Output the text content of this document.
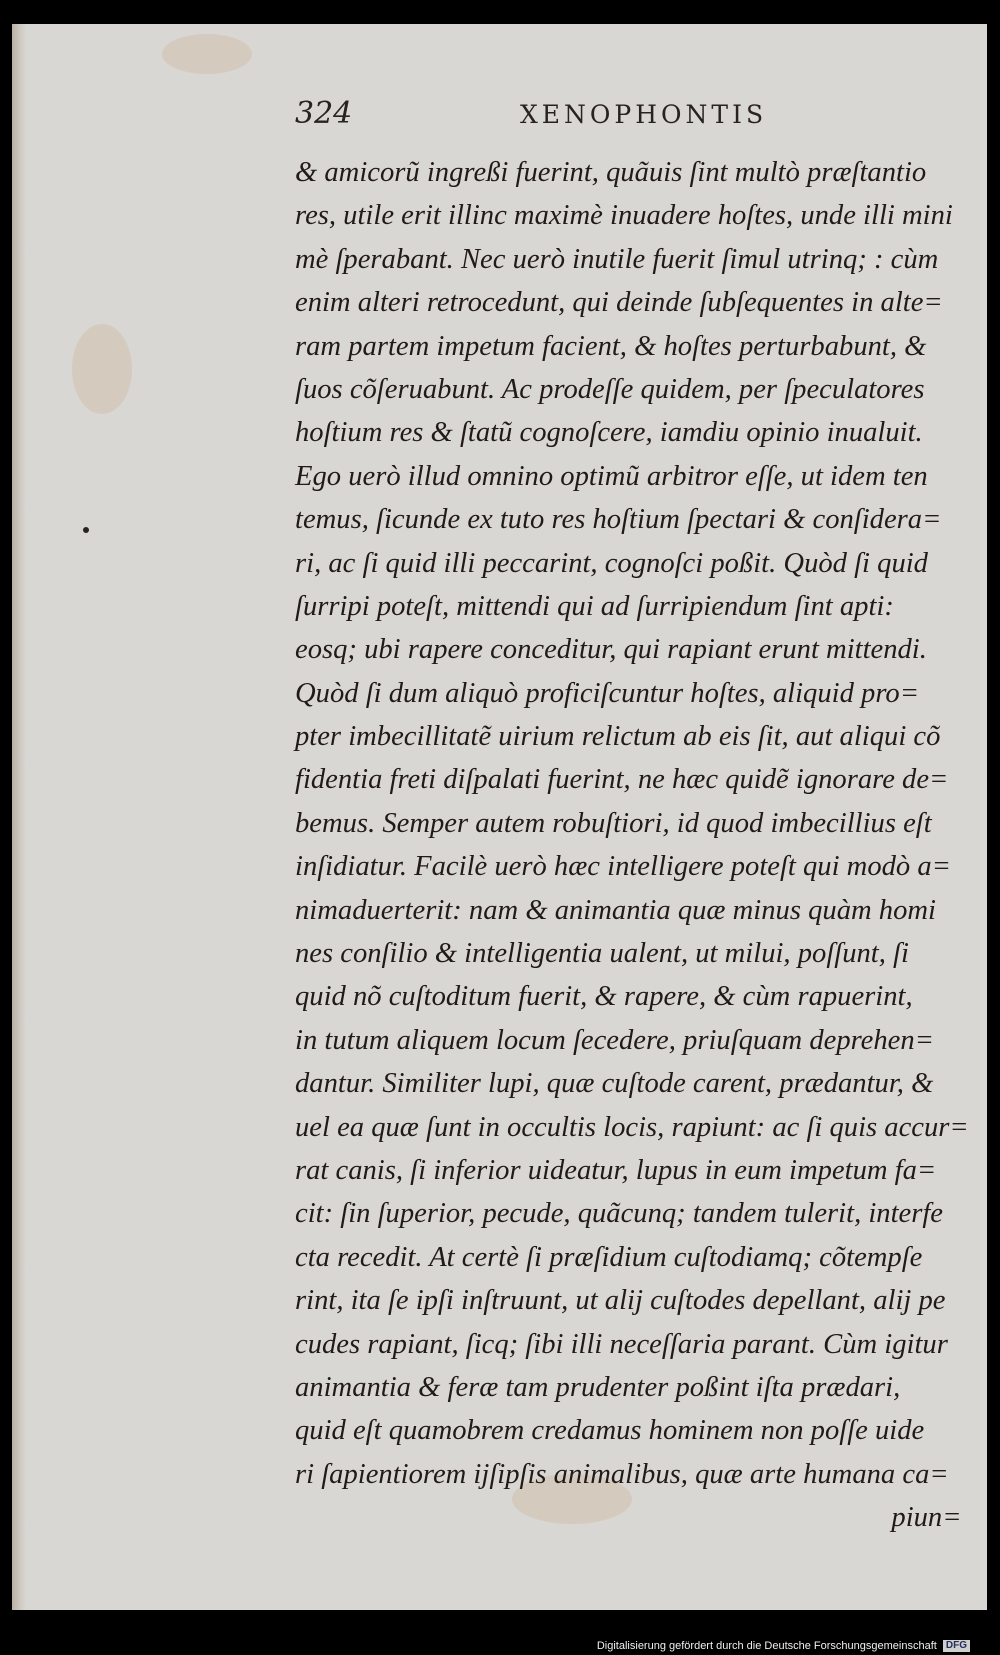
324	XENOPHONTIS
& amicorũ ingreßi fuerint, quãuis ſint multò præſtantio
res, utile erit illinc maximè inuadere hoſtes, unde illi mini
mè ſperabant. Nec uerò inutile fuerit ſimul utrinq; : cùm
enim alteri retrocedunt, qui deinde ſubſequentes in alte=
ram partem impetum facient, & hoſtes perturbabunt, &
ſuos cõſeruabunt. Ac prodeſſe quidem, per ſpeculatores
hoſtium res & ſtatũ cognoſcere, iamdiu opinio inualuit.
Ego uerò illud omnino optimũ arbitror eſſe, ut idem ten
temus, ſicunde ex tuto res hoſtium ſpectari & conſidera=
ri, ac ſi quid illi peccarint, cognoſci poßit. Quòd ſi quid
ſurripi poteſt, mittendi qui ad ſurripiendum ſint apti:
eosq; ubi rapere conceditur, qui rapiant erunt mittendi.
Quòd ſi dum aliquò proficiſcuntur hoſtes, aliquid pro=
pter imbecillitatẽ uirium relictum ab eis ſit, aut aliqui cõ
fidentia freti diſpalati fuerint, ne hæc quidẽ ignorare de=
bemus. Semper autem robuſtiori, id quod imbecillius eſt
inſidiatur. Facilè uerò hæc intelligere poteſt qui modò a=
nimaduerterit: nam & animantia quæ minus quàm homi
nes conſilio & intelligentia ualent, ut milui, poſſunt, ſi
quid nõ cuſtoditum fuerit, & rapere, & cùm rapuerint,
in tutum aliquem locum ſecedere, priuſquam deprehen=
dantur. Similiter lupi, quæ cuſtode carent, prædantur, &
uel ea quæ ſunt in occultis locis, rapiunt: ac ſi quis accur=
rat canis, ſi inferior uideatur, lupus in eum impetum fa=
cit: ſin ſuperior, pecude, quãcunq; tandem tulerit, interfe
cta recedit. At certè ſi præſidium cuſtodiamq; cõtempſe
rint, ita ſe ipſi inſtruunt, ut alij cuſtodes depellant, alij pe
cudes rapiant, ſicq; ſibi illi neceſſaria parant. Cùm igitur
animantia & feræ tam prudenter poßint iſta prædari,
quid eſt quamobrem credamus hominem non poſſe uide
ri ſapientiorem ijſipſis animalibus, quæ arte humana ca=
piun=
Digitalisierung gefördert durch die Deutsche Forschungsgemeinschaft DFG
